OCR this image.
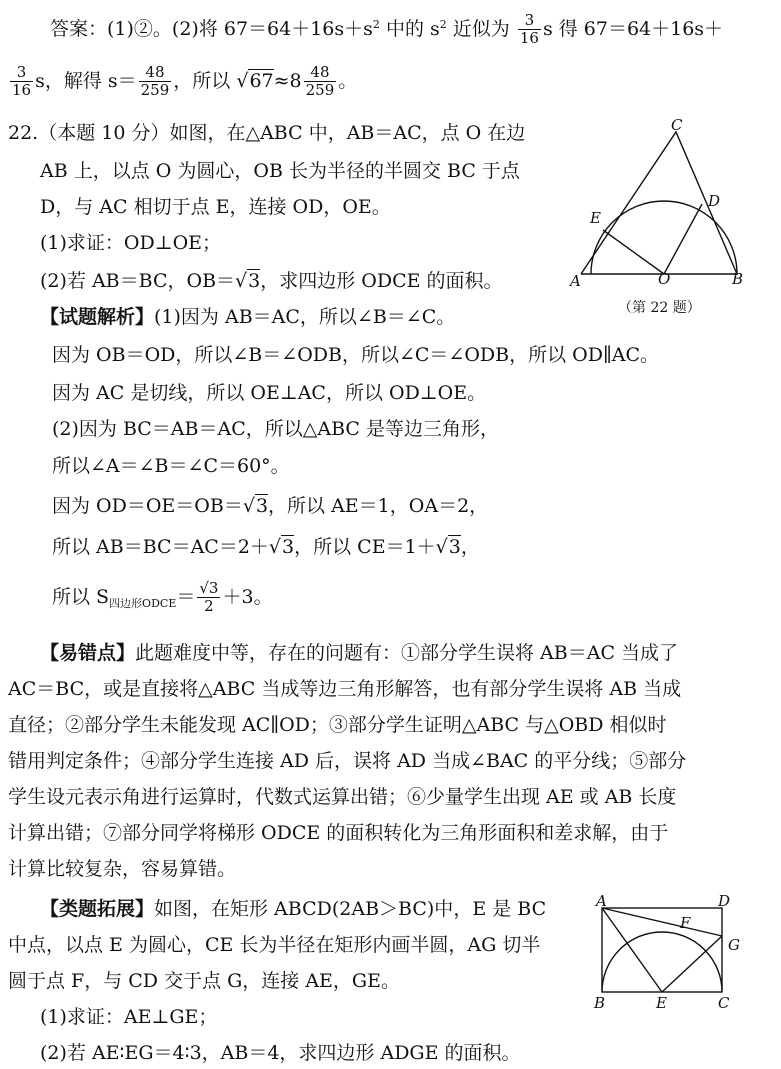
答案：(1)②。(2)将 $67=64+16s+s^2$ 中的 $s^2$ 近似为 $\frac{3}{16}$ s 得 67＝64＋16s＋
$\frac{3}{16}$ s，解得 $s= \frac{48}{259}$ ，所以 $√67\approx 8 \frac{48}{259}$ 。
22.（本题 10 分）如图，在△ABC 中，AB＝AC，点 O 在边
AB 上，以点 O 为圆心，OB 长为半径的半圆交 BC 于点
D，与 AC 相切于点 E，连接 OD，OE。
(1)求证：OD⊥OE；
(2)若 AB＝BC，OB＝√3，求四边形 ODCE 的面积。
C
E
D
A	O	B
（第 22 题）
【试题解析】(1)因为 AB＝AC，所以∠B＝∠C。
因为 OB＝OD，所以∠B＝∠ODB，所以∠C＝∠ODB，所以 OD∥AC。
因为 AC 是切线，所以 OE⊥AC，所以 OD⊥OE。
(2)因为 BC＝AB＝AC，所以△ABC 是等边三角形，
所以∠A＝∠B＝∠C＝60°。
因为 OD＝OE＝OB＝√3，所以 AE＝1，OA＝2，
所以 AB＝BC＝AC＝2＋√3，所以 CE＝1＋√3，
所以 $S_{四边形ODCE}= \frac{√3}{2} +3$。
【易错点】此题难度中等，存在的问题有：①部分学生误将 AB＝AC 当成了
AC＝BC，或是直接将△ABC 当成等边三角形解答，也有部分学生误将 AB 当成
直径；②部分学生未能发现 AC∥OD；③部分学生证明△ABC 与△OBD 相似时
错用判定条件；④部分学生连接 AD 后，误将 AD 当成∠BAC 的平分线；⑤部分
学生设元表示角进行运算时，代数式运算出错；⑥少量学生出现 AE 或 AB 长度
计算出错；⑦部分同学将梯形 ODCE 的面积转化为三角形面积和差求解，由于
计算比较复杂，容易算错。
【类题拓展】如图，在矩形 ABCD(2AB＞BC)中，E 是 BC
中点，以点 E 为圆心，CE 长为半径在矩形内画半圆，AG 切半
圆于点 F，与 CD 交于点 G，连接 AE，GE。
(1)求证：AE⊥GE；
(2)若 AE∶EG＝4∶3，AB＝4，求四边形 ADGE 的面积。
A	D
F
G
B	E	C
